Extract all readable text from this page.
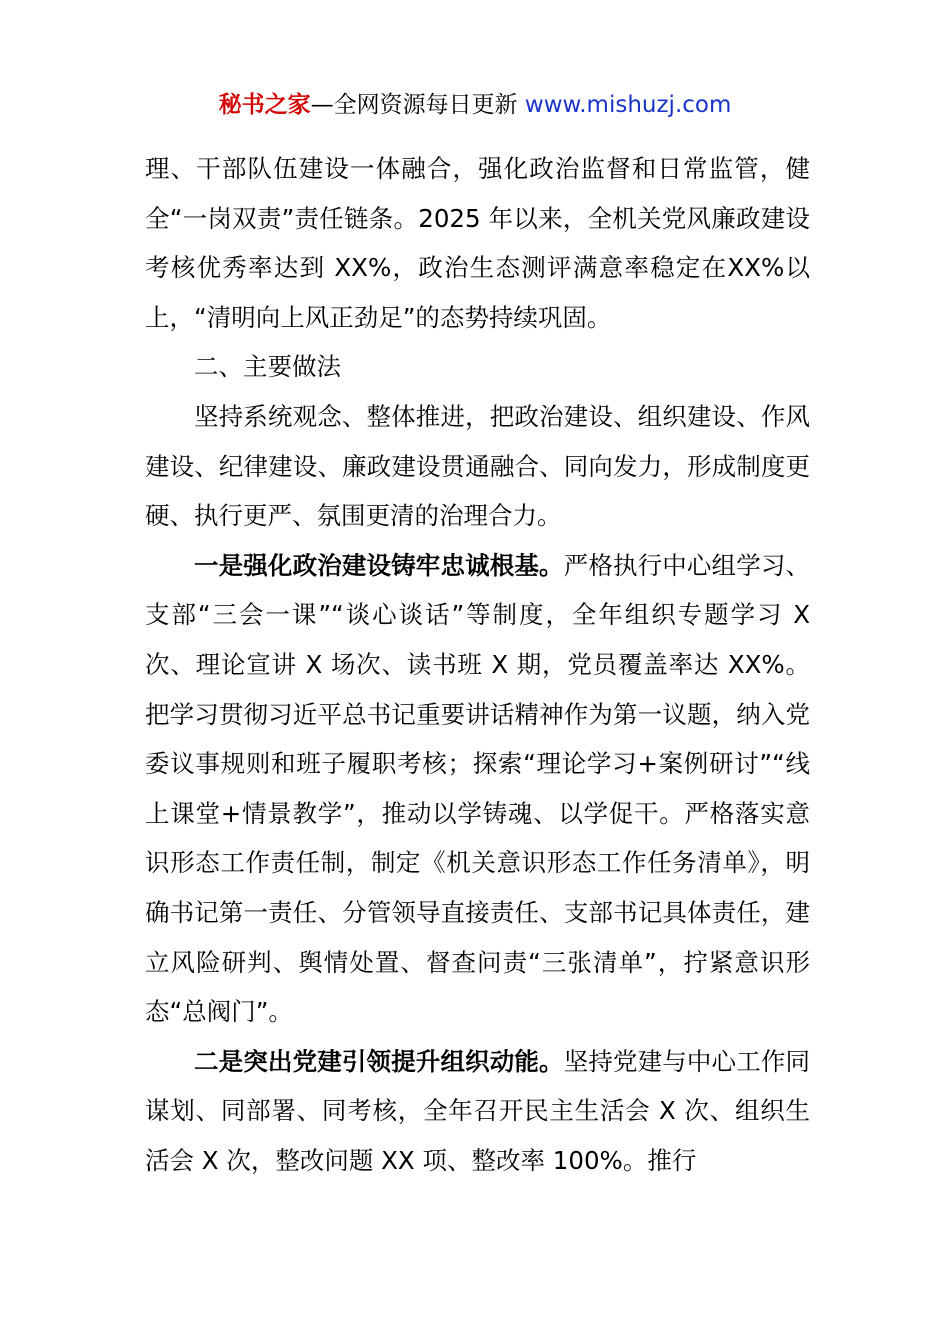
秘书之家—全网资源每日更新 www.mishuzj.com

理、干部队伍建设一体融合，强化政治监督和日常监管，健全“一岗双责”责任链条。2025 年以来，全机关党风廉政建设考核优秀率达到 XX%，政治生态测评满意率稳定在XX%以上，“清明向上风正劲足”的态势持续巩固。

二、主要做法

坚持系统观念、整体推进，把政治建设、组织建设、作风建设、纪律建设、廉政建设贯通融合、同向发力，形成制度更硬、执行更严、氛围更清的治理合力。

一是强化政治建设铸牢忠诚根基。严格执行中心组学习、支部“三会一课”“谈心谈话”等制度，全年组织专题学习 X 次、理论宣讲 X 场次、读书班 X 期，党员覆盖率达 XX%。把学习贯彻习近平总书记重要讲话精神作为第一议题，纳入党委议事规则和班子履职考核；探索“理论学习+案例研讨”“线上课堂+情景教学”，推动以学铸魂、以学促干。严格落实意识形态工作责任制，制定《机关意识形态工作任务清单》，明确书记第一责任、分管领导直接责任、支部书记具体责任，建立风险研判、舆情处置、督查问责“三张清单”，拧紧意识形态“总阀门”。

二是突出党建引领提升组织动能。坚持党建与中心工作同谋划、同部署、同考核，全年召开民主生活会 X 次、组织生活会 X 次，整改问题 XX 项、整改率 100%。推行
